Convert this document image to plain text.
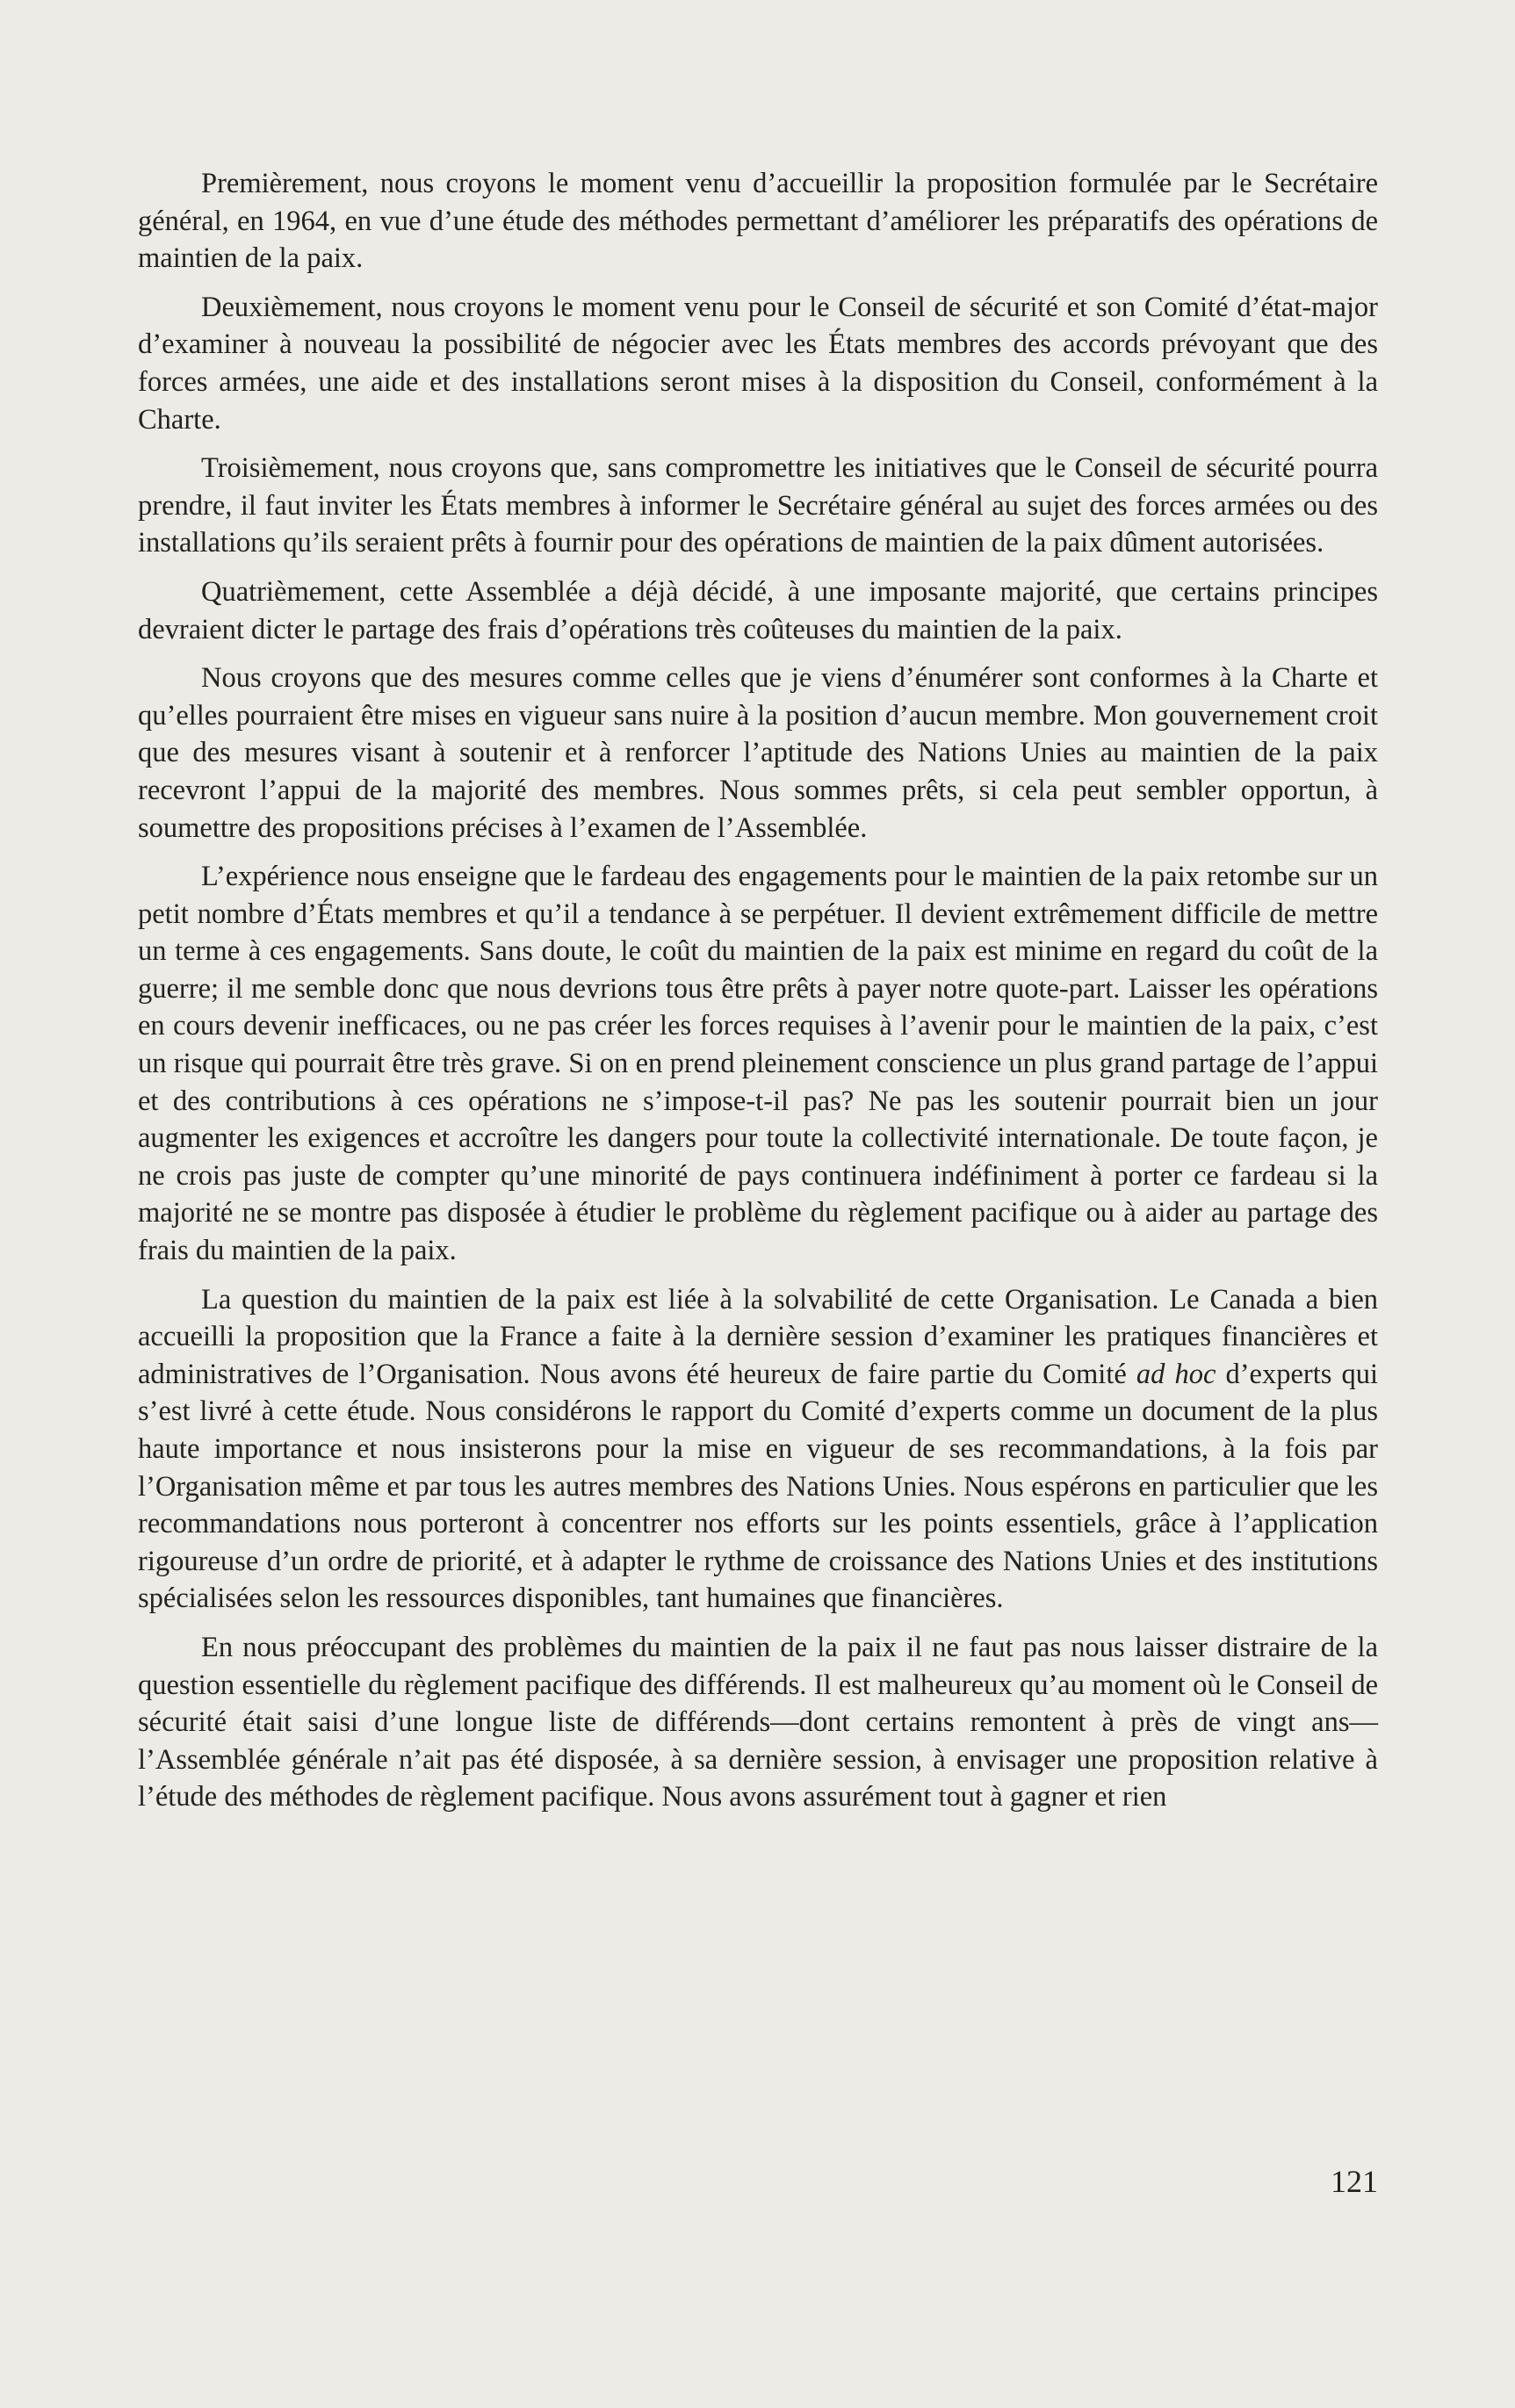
Premièrement, nous croyons le moment venu d’accueillir la proposition formulée par le Secrétaire général, en 1964, en vue d’une étude des méthodes permettant d’améliorer les préparatifs des opérations de maintien de la paix.

Deuxièmement, nous croyons le moment venu pour le Conseil de sécurité et son Comité d’état-major d’examiner à nouveau la possibilité de négocier avec les États membres des accords prévoyant que des forces armées, une aide et des installations seront mises à la disposition du Conseil, conformément à la Charte.

Troisièmement, nous croyons que, sans compromettre les initiatives que le Conseil de sécurité pourra prendre, il faut inviter les États membres à informer le Secrétaire général au sujet des forces armées ou des installations qu’ils seraient prêts à fournir pour des opérations de maintien de la paix dûment autorisées.

Quatrièmement, cette Assemblée a déjà décidé, à une imposante majorité, que certains principes devraient dicter le partage des frais d’opérations très coûteuses du maintien de la paix.

Nous croyons que des mesures comme celles que je viens d’énumérer sont conformes à la Charte et qu’elles pourraient être mises en vigueur sans nuire à la position d’aucun membre. Mon gouvernement croit que des mesures visant à soutenir et à renforcer l’aptitude des Nations Unies au maintien de la paix recevront l’appui de la majorité des membres. Nous sommes prêts, si cela peut sembler opportun, à soumettre des propositions précises à l’examen de l’Assemblée.

L’expérience nous enseigne que le fardeau des engagements pour le maintien de la paix retombe sur un petit nombre d’États membres et qu’il a tendance à se perpétuer. Il devient extrêmement difficile de mettre un terme à ces engagements. Sans doute, le coût du maintien de la paix est minime en regard du coût de la guerre; il me semble donc que nous devrions tous être prêts à payer notre quote-part. Laisser les opérations en cours devenir inefficaces, ou ne pas créer les forces requises à l’avenir pour le maintien de la paix, c’est un risque qui pourrait être très grave. Si on en prend pleinement conscience un plus grand partage de l’appui et des contributions à ces opérations ne s’impose-t-il pas? Ne pas les soutenir pourrait bien un jour augmenter les exigences et accroître les dangers pour toute la collectivité internationale. De toute façon, je ne crois pas juste de compter qu’une minorité de pays continuera indéfiniment à porter ce fardeau si la majorité ne se montre pas disposée à étudier le problème du règlement pacifique ou à aider au partage des frais du maintien de la paix.

La question du maintien de la paix est liée à la solvabilité de cette Organisation. Le Canada a bien accueilli la proposition que la France a faite à la dernière session d’examiner les pratiques financières et administratives de l’Organisation. Nous avons été heureux de faire partie du Comité ad hoc d’experts qui s’est livré à cette étude. Nous considérons le rapport du Comité d’experts comme un document de la plus haute importance et nous insisterons pour la mise en vigueur de ses recommandations, à la fois par l’Organisation même et par tous les autres membres des Nations Unies. Nous espérons en particulier que les recommandations nous porteront à concentrer nos efforts sur les points essentiels, grâce à l’application rigoureuse d’un ordre de priorité, et à adapter le rythme de croissance des Nations Unies et des institutions spécialisées selon les ressources disponibles, tant humaines que financières.

En nous préoccupant des problèmes du maintien de la paix il ne faut pas nous laisser distraire de la question essentielle du règlement pacifique des différends. Il est malheureux qu’au moment où le Conseil de sécurité était saisi d’une longue liste de différends—dont certains remontent à près de vingt ans—l’Assemblée générale n’ait pas été disposée, à sa dernière session, à envisager une proposition relative à l’étude des méthodes de règlement pacifique. Nous avons assurément tout à gagner et rien

121
